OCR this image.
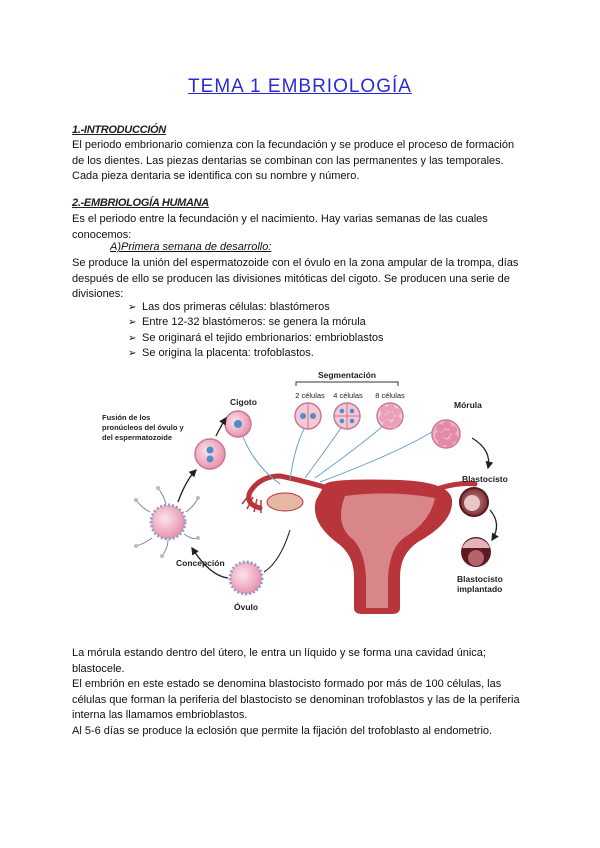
TEMA 1 EMBRIOLOGÍA
1.-INTRODUCCIÓN
El periodo embrionario comienza con la fecundación y se produce el proceso de formación
de los dientes. Las piezas dentarias se combinan con las permanentes y las temporales.
Cada pieza dentaria se identifica con su nombre y número.
2.-EMBRIOLOGÍA HUMANA
Es el periodo entre la fecundación y el nacimiento. Hay varias semanas de las cuales
conocemos:
A)Primera semana de desarrollo:
Se produce la unión del espermatozoide con el óvulo en la zona ampular de la trompa, días
después de ello se producen las divisiones mitóticas del cigoto. Se producen una serie de
divisiones:
➢ Las dos primeras células: blastómeros
➢ Entre 12-32 blastómeros: se genera la mórula
➢ Se originará el tejido embrionarios: embrioblastos
➢ Se origina la placenta: trofoblastos.
Segmentación
2 células 4 células 8 células
Cigoto	Mórula
Blastocisto
Blastocisto
implantado
Fusión de los
pronúcleos del óvulo y
del espermatozoide
Concepción
Óvulo
La mórula estando dentro del útero, le entra un líquido y se forma una cavidad única;
blastocele.
El embrión en este estado se denomina blastocisto formado por más de 100 células, las
células que forman la periferia del blastocisto se denominan trofoblastos y las de la periferia
interna las llamamos embrioblastos.
Al 5-6 días se produce la eclosión que permite la fijación del trofoblasto al endometrio.
